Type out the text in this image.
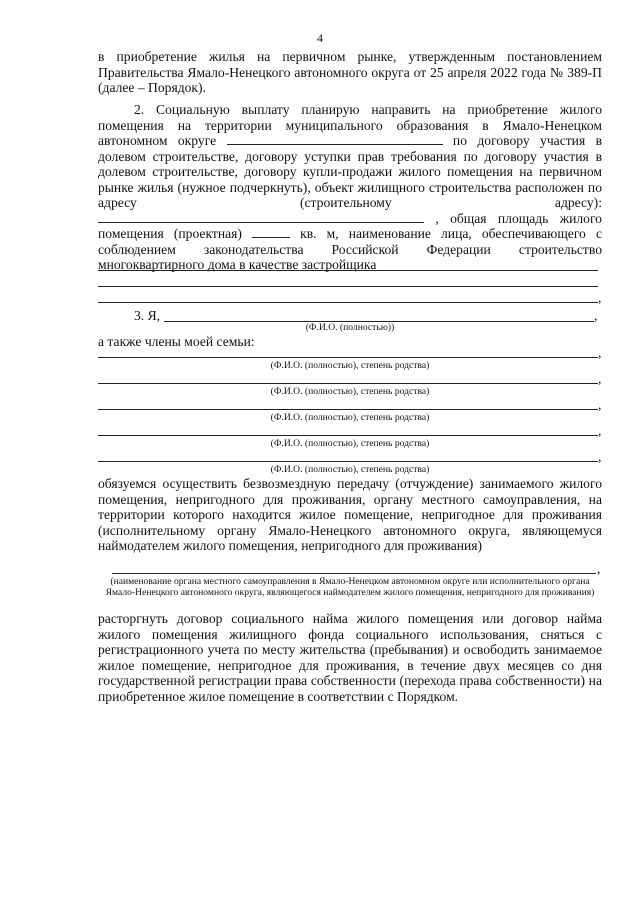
4

в приобретение жилья на первичном рынке, утвержденным постановлением Правительства Ямало-Ненецкого автономного округа от 25 апреля 2022 года № 389-П (далее – Порядок).

2. Социальную выплату планирую направить на приобретение жилого помещения на территории муниципального образования в Ямало-Ненецком автономном округе	по договору участия в долевом строительстве, договору уступки прав требования по договору участия в долевом строительстве, договору купли-продажи жилого помещения на первичном рынке жилья (нужное подчеркнуть), объект жилищного строительства расположен по адресу (строительному адресу):  , общая площадь жилого помещения (проектная)	кв. м, наименование лица, обеспечивающего с соблюдением законодательства Российской Федерации строительство многоквартирного дома в качестве застройщика

,
3. Я,	,
(Ф.И.О. (полностью))
а также члены моей семьи:
,
(Ф.И.О. (полностью), степень родства)
,
(Ф.И.О. (полностью), степень родства)
,
(Ф.И.О. (полностью), степень родства)
,
(Ф.И.О. (полностью), степень родства)
,
(Ф.И.О. (полностью), степень родства)

обязуемся осуществить безвозмездную передачу (отчуждение) занимаемого жилого помещения, непригодного для проживания, органу местного самоуправления, на территории которого находится жилое помещение, непригодное для проживания (исполнительному органу Ямало-Ненецкого автономного округа, являющемуся наймодателем жилого помещения, непригодного для проживания)

,
(наименование органа местного самоуправления в Ямало-Ненецком автономном округе или исполнительного органа Ямало-Ненецкого автономного округа, являющегося наймодателем жилого помещения, непригодного для проживания)

расторгнуть договор социального найма жилого помещения или договор найма жилого помещения жилищного фонда социального использования, сняться с регистрационного учета по месту жительства (пребывания) и освободить занимаемое жилое помещение, непригодное для проживания, в течение двух месяцев со дня государственной регистрации права собственности (перехода права собственности) на приобретенное жилое помещение в соответствии с Порядком.
